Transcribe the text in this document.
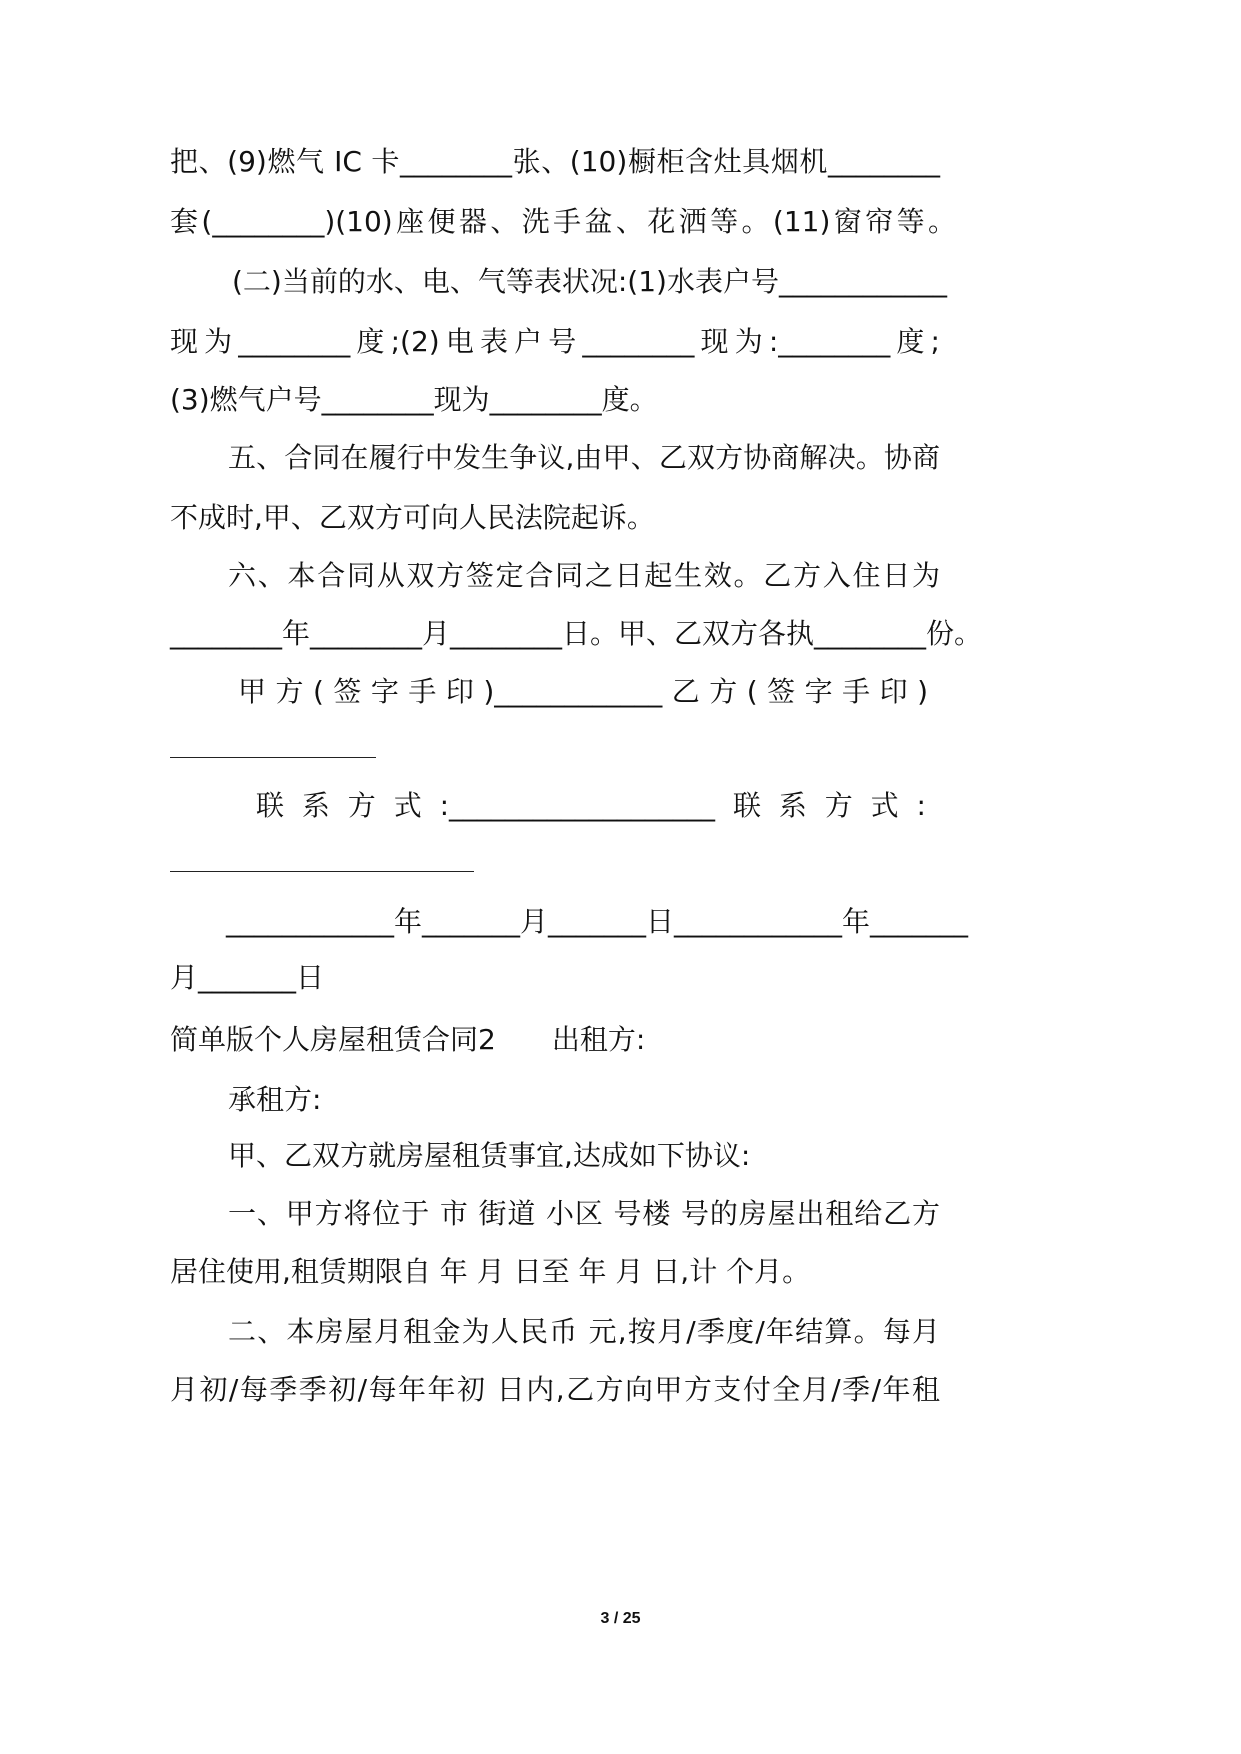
把、(9)燃气 IC 卡________张、(10)橱柜含灶具烟机________

套(________)(10)座便器、洗手盆、花洒等。(11)窗帘等。

(二)当前的水、电、气等表状况:(1)水表户号____________

现为________度;(2)电表户号________现为:________度;

(3)燃气户号________现为________度。

五、合同在履行中发生争议,由甲、乙双方协商解决。协商

不成时,甲、乙双方可向人民法院起诉。

六、本合同从双方签定合同之日起生效。乙方入住日为

________年________月________日。甲、乙双方各执________份。

甲方(签字手印)____________乙方(签字手印)

联系方式:___________________联系方式:

____________年_______月_______日____________年_______

月_______日

简单版个人房屋租赁合同2　　出租方:

承租方:

甲、乙双方就房屋租赁事宜,达成如下协议:

一、甲方将位于 市 街道 小区 号楼 号的房屋出租给乙方

居住使用,租赁期限自 年 月 日至 年 月 日,计 个月。

二、本房屋月租金为人民币 元,按月/季度/年结算。每月

月初/每季季初/每年年初 日内,乙方向甲方支付全月/季/年租

3 / 25
